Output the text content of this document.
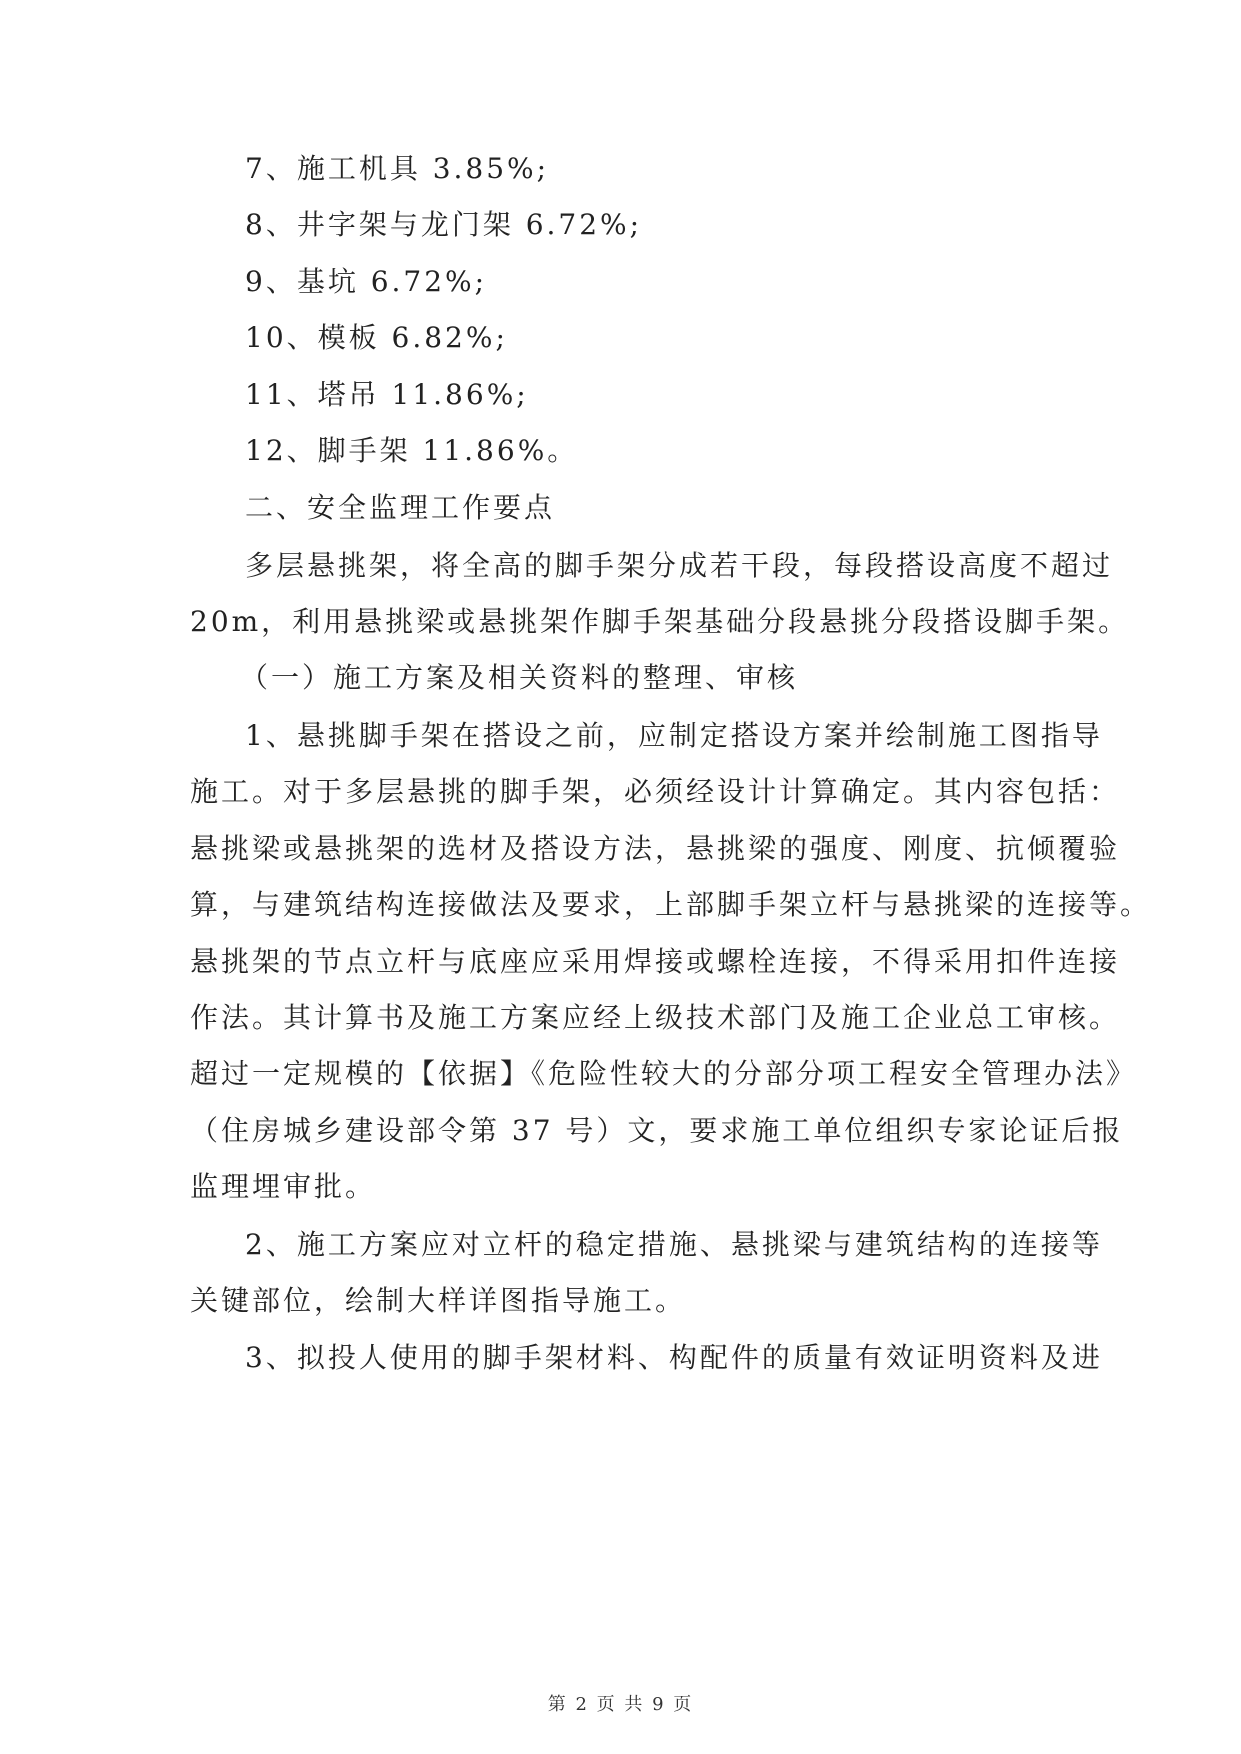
7、施工机具 3.85%;
8、井字架与龙门架 6.72%;
9、基坑 6.72%;
10、模板 6.82%;
11、塔吊 11.86%;
12、脚手架 11.86%。
二、安全监理工作要点
多层悬挑架，将全高的脚手架分成若干段，每段搭设高度不超过
20m，利用悬挑梁或悬挑架作脚手架基础分段悬挑分段搭设脚手架。
（一）施工方案及相关资料的整理、审核
1、悬挑脚手架在搭设之前，应制定搭设方案并绘制施工图指导
施工。对于多层悬挑的脚手架，必须经设计计算确定。其内容包括：
悬挑梁或悬挑架的选材及搭设方法，悬挑梁的强度、刚度、抗倾覆验
算，与建筑结构连接做法及要求，上部脚手架立杆与悬挑梁的连接等。
悬挑架的节点立杆与底座应采用焊接或螺栓连接，不得采用扣件连接
作法。其计算书及施工方案应经上级技术部门及施工企业总工审核。
超过一定规模的【依据】《危险性较大的分部分项工程安全管理办法》
（住房城乡建设部令第 37 号）文，要求施工单位组织专家论证后报
监理埋审批。
2、施工方案应对立杆的稳定措施、悬挑梁与建筑结构的连接等
关键部位，绘制大样详图指导施工。
3、拟投人使用的脚手架材料、构配件的质量有效证明资料及进
第 2 页 共 9 页
